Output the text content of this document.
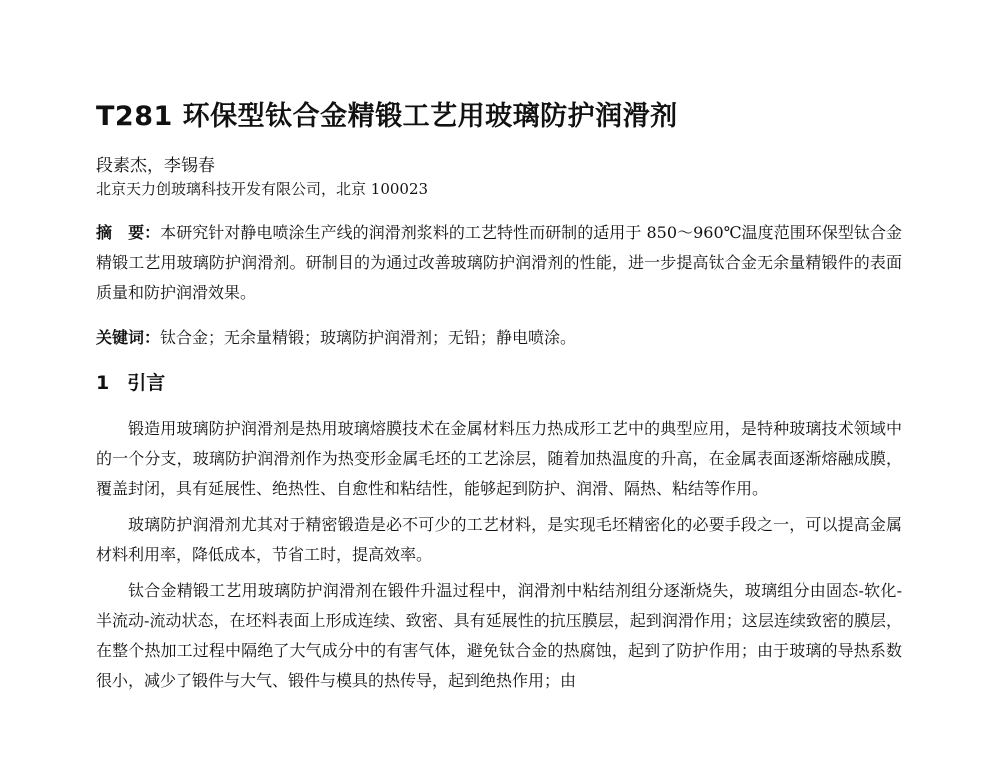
T281 环保型钛合金精锻工艺用玻璃防护润滑剂
段素杰，李锡春
北京天力创玻璃科技开发有限公司，北京 100023
摘　要：本研究针对静电喷涂生产线的润滑剂浆料的工艺特性而研制的适用于 850～960℃温度范围环保型钛合金精锻工艺用玻璃防护润滑剂。研制目的为通过改善玻璃防护润滑剂的性能，进一步提高钛合金无余量精锻件的表面质量和防护润滑效果。
关键词：钛合金；无余量精锻；玻璃防护润滑剂；无铅；静电喷涂。
1 引言

锻造用玻璃防护润滑剂是热用玻璃熔膜技术在金属材料压力热成形工艺中的典型应用，是特种玻璃技术领域中的一个分支，玻璃防护润滑剂作为热变形金属毛坯的工艺涂层，随着加热温度的升高，在金属表面逐渐熔融成膜，覆盖封闭，具有延展性、绝热性、自愈性和粘结性，能够起到防护、润滑、隔热、粘结等作用。

玻璃防护润滑剂尤其对于精密锻造是必不可少的工艺材料，是实现毛坯精密化的必要手段之一，可以提高金属材料利用率，降低成本，节省工时，提高效率。

钛合金精锻工艺用玻璃防护润滑剂在锻件升温过程中，润滑剂中粘结剂组分逐渐烧失，玻璃组分由固态-软化-半流动-流动状态，在坯料表面上形成连续、致密、具有延展性的抗压膜层，起到润滑作用；这层连续致密的膜层，在整个热加工过程中隔绝了大气成分中的有害气体，避免钛合金的热腐蚀，起到了防护作用；由于玻璃的导热系数很小，减少了锻件与大气、锻件与模具的热传导，起到绝热作用；由
